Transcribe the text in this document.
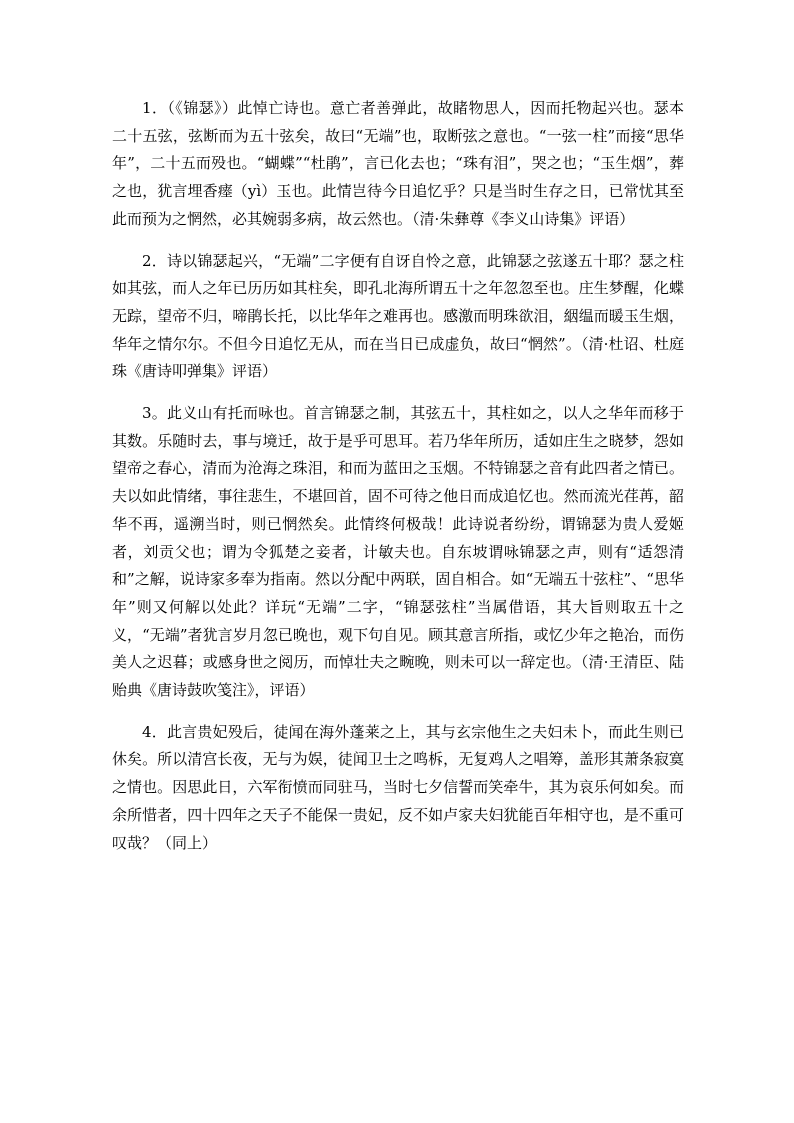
1．（《锦瑟》）此悼亡诗也。意亡者善弹此，故睹物思人，因而托物起兴也。瑟本二十五弦，弦断而为五十弦矣，故曰“无端”也，取断弦之意也。“一弦一柱”而接“思华年”，二十五而殁也。“蝴蝶”“杜鹃”，言已化去也；“珠有泪”，哭之也；“玉生烟”，葬之也，犹言埋香瘗（yì）玉也。此情岂待今日追忆乎？只是当时生存之日，已常忧其至此而预为之惘然，必其婉弱多病，故云然也。（清·朱彝尊《李义山诗集》评语）

2．诗以锦瑟起兴，“无端”二字便有自讶自怜之意，此锦瑟之弦遂五十耶？瑟之柱如其弦，而人之年已历历如其柱矣，即孔北海所谓五十之年忽忽至也。庄生梦醒，化蝶无踪，望帝不归，啼鹃长托，以比华年之难再也。感激而明珠欲泪，絪缊而暖玉生烟，华年之情尔尔。不但今日追忆无从，而在当日已成虚负，故曰“惘然”。（清·杜诏、杜庭珠《唐诗叩弹集》评语）

3。此义山有托而咏也。首言锦瑟之制，其弦五十，其柱如之，以人之华年而移于其数。乐随时去，事与境迁，故于是乎可思耳。若乃华年所历，适如庄生之晓梦，怨如望帝之春心，清而为沧海之珠泪，和而为蓝田之玉烟。不特锦瑟之音有此四者之情已。夫以如此情绪，事往悲生，不堪回首，固不可待之他日而成追忆也。然而流光荏苒，韶华不再，遥溯当时，则已惘然矣。此情终何极哉！此诗说者纷纷，谓锦瑟为贵人爱姬者，刘贡父也；谓为令狐楚之妾者，计敏夫也。自东坡谓咏锦瑟之声，则有“适怨清和”之解，说诗家多奉为指南。然以分配中两联，固自相合。如“无端五十弦柱”、“思华年”则又何解以处此？详玩“无端”二字，“锦瑟弦柱”当属借语，其大旨则取五十之义，“无端”者犹言岁月忽已晚也，观下句自见。顾其意言所指，或忆少年之艳冶，而伤美人之迟暮；或感身世之阅历，而悼壮夫之畹晚，则未可以一辞定也。（清·王清臣、陆贻典《唐诗鼓吹笺注》，评语）

4．此言贵妃殁后，徒闻在海外蓬莱之上，其与玄宗他生之夫妇未卜，而此生则已休矣。所以清宫长夜，无与为娱，徒闻卫士之鸣柝，无复鸡人之唱筹，盖形其萧条寂寞之情也。因思此日，六军衔愤而同驻马，当时七夕信誓而笑牵牛，其为哀乐何如矣。而余所惜者，四十四年之天子不能保一贵妃，反不如卢家夫妇犹能百年相守也，是不重可叹哉？（同上）
